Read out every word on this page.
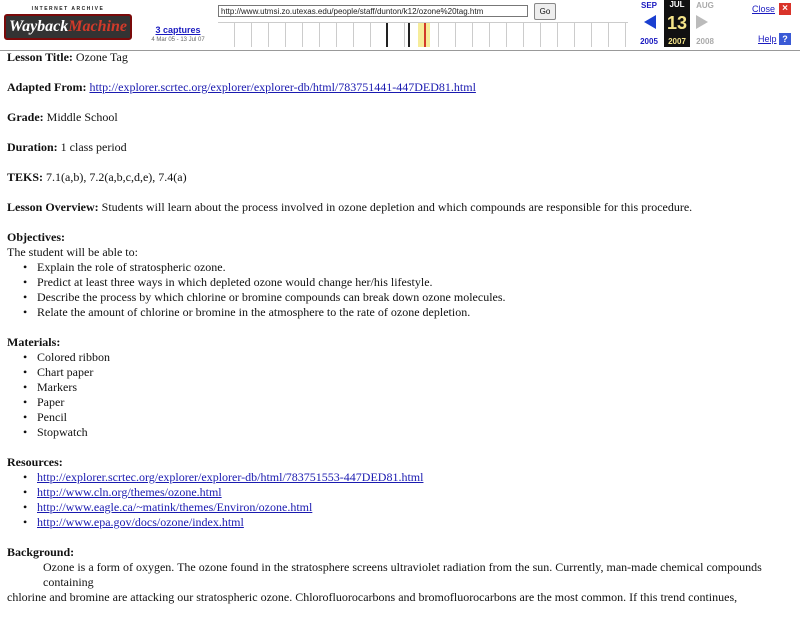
INTERNET ARCHIVE
WaybackMachine	3 captures
4 Mar 05 - 13 Jul 07
http://www.utmsi.zo.utexas.edu/people/staff/dunton/k12/ozone%20tag.htm	Go
SEP	JUL	AUG
13
2005	2007	2008
Close ×
Help ?

Lesson Title: Ozone Tag

Adapted From: http://explorer.scrtec.org/explorer/explorer-db/html/783751441-447DED81.html

Grade: Middle School

Duration: 1 class period

TEKS: 7.1(a,b), 7.2(a,b,c,d,e), 7.4(a)

Lesson Overview: Students will learn about the process involved in ozone depletion and which compounds are responsible for this procedure.

Objectives:
The student will be able to:
• Explain the role of stratospheric ozone.
• Predict at least three ways in which depleted ozone would change her/his lifestyle.
• Describe the process by which chlorine or bromine compounds can break down ozone molecules.
• Relate the amount of chlorine or bromine in the atmosphere to the rate of ozone depletion.
Materials:
• Colored ribbon
• Chart paper
• Markers
• Paper
• Pencil
• Stopwatch
Resources:
• http://explorer.scrtec.org/explorer/explorer-db/html/783751553-447DED81.html
• http://www.cln.org/themes/ozone.html
• http://www.eagle.ca/~matink/themes/Environ/ozone.html
• http://www.epa.gov/docs/ozone/index.html
Background:
Ozone is a form of oxygen. The ozone found in the stratosphere screens ultraviolet radiation from the sun. Currently, man-made chemical compounds containing
chlorine and bromine are attacking our stratospheric ozone. Chlorofluorocarbons and bromofluorocarbons are the most common. If this trend continues,
